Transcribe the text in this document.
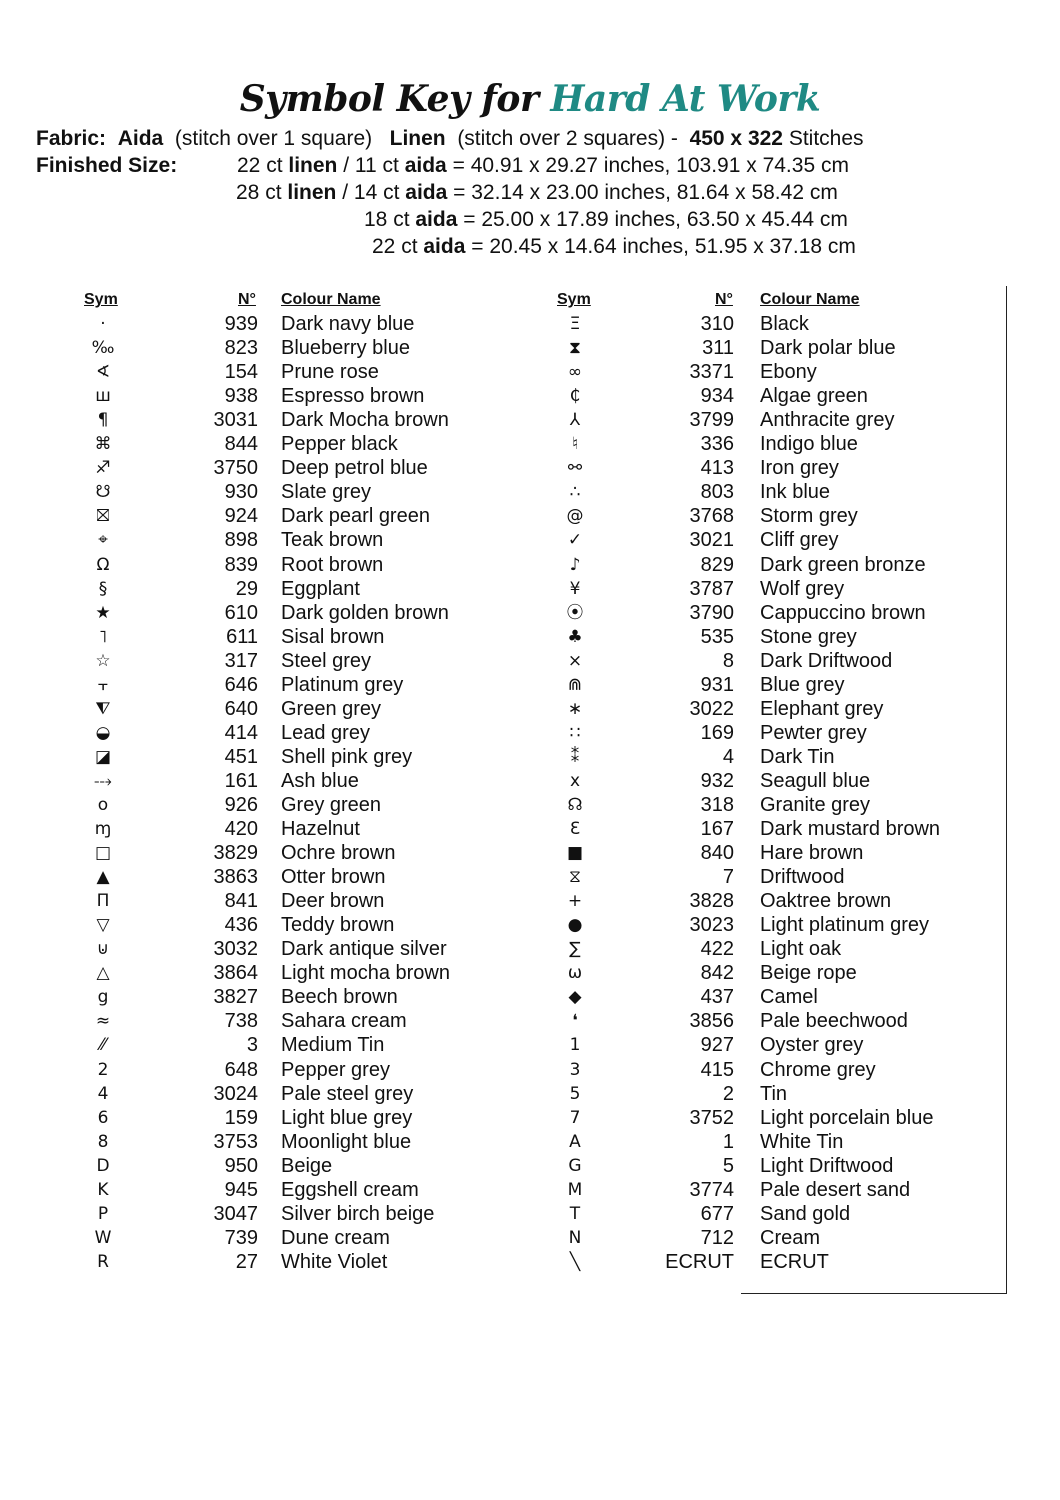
Symbol Key for Hard At Work
Fabric: Aida (stitch over 1 square) Linen (stitch over 2 squares) - 450 x 322 Stitches
Finished Size:	22 ct linen / 11 ct aida = 40.91 x 29.27 inches, 103.91 x 74.35 cm
28 ct linen / 14 ct aida = 32.14 x 23.00 inches, 81.64 x 58.42 cm
18 ct aida = 25.00 x 17.89 inches, 63.50 x 45.44 cm
22 ct aida = 20.45 x 14.64 inches, 51.95 x 37.18 cm
Sym	N° Colour Name
·	939 Dark navy blue
‰	823 Blueberry blue
∢	154 Prune rose
ш	938 Espresso brown
¶	3031 Dark Mocha brown
⌘	844 Pepper black
♐	3750 Deep petrol blue
☋	930 Slate grey
⛝	924 Dark pearl green
⌖	898 Teak brown
Ω	839 Root brown
§	29 Eggplant
★	610 Dark golden brown
˥	611 Sisal brown
☆	317 Steel grey
⫟	646 Platinum grey
⧨	640 Green grey
◒	414 Lead grey
◪	451 Shell pink grey
⤏	161 Ash blue
o	926 Grey green
ɱ	420 Hazelnut
□	3829 Ochre brown
▲	3863 Otter brown
Π	841 Deer brown
▽	436 Teddy brown
⊍	3032 Dark antique silver
△	3864 Light mocha brown
g	3827 Beech brown
≈	738 Sahara cream
⁄⁄	3 Medium Tin
2	648 Pepper grey
4	3024 Pale steel grey
6	159 Light blue grey
8	3753 Moonlight blue
D	950 Beige
K	945 Eggshell cream
P	3047 Silver birch beige
W	739 Dune cream
R	27 White Violet
Sym	N° Colour Name
Ξ	310 Black
⧗	311 Dark polar blue
∞	3371 Ebony
₵	934 Algae green
⅄	3799 Anthracite grey
♮	336 Indigo blue
⚯	413 Iron grey
∴	803 Ink blue
@	3768 Storm grey
✓	3021 Cliff grey
♪	829 Dark green bronze
¥	3787 Wolf grey
⦿	3790 Cappuccino brown
♣	535 Stone grey
⨯	8 Dark Driftwood
⋒	931 Blue grey
∗	3022 Elephant grey
∷	169 Pewter grey
⁑	4 Dark Tin
x	932 Seagull blue
☊	318 Granite grey
Ɛ	167 Dark mustard brown
■	840 Hare brown
⧖	7 Driftwood
+	3828 Oaktree brown
●	3023 Light platinum grey
∑	422 Light oak
ω	842 Beige rope
◆	437 Camel
❛	3856 Pale beechwood
1	927 Oyster grey
3	415 Chrome grey
5	2 Tin
7	3752 Light porcelain blue
A	1 White Tin
G	5 Light Driftwood
M	3774 Pale desert sand
T	677 Sand gold
N	712 Cream
╲	ECRUT ECRUT
